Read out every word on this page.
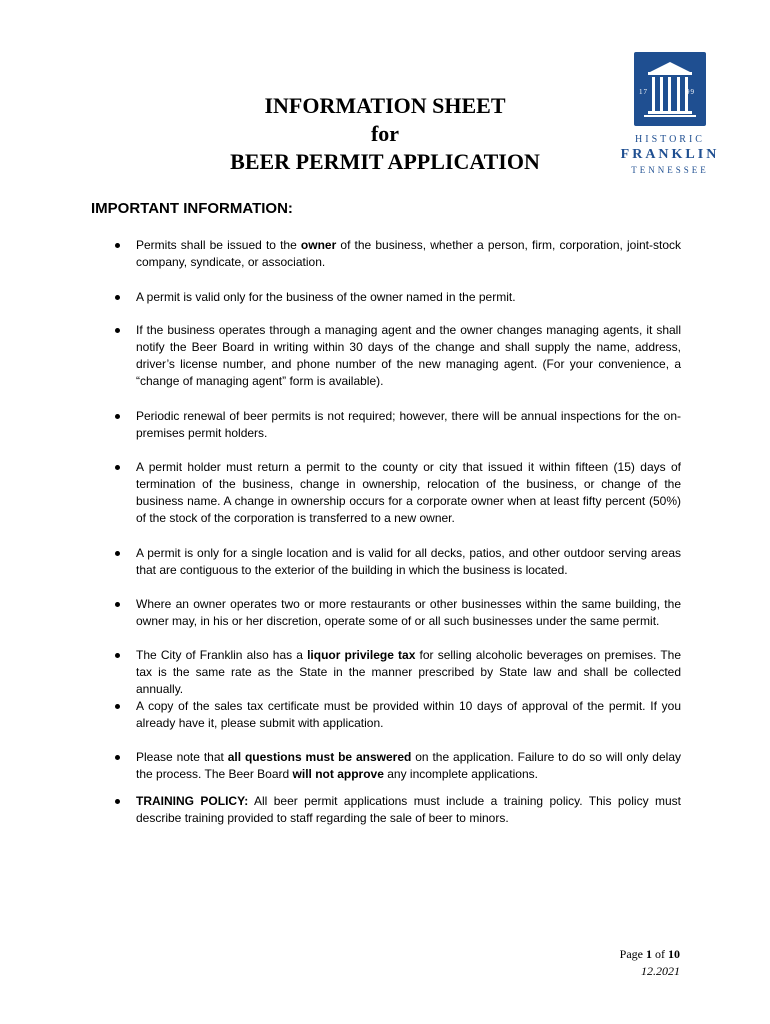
INFORMATION SHEET
for
BEER PERMIT APPLICATION
17	99
HISTORIC
FRANKLIN
TENNESSEE
IMPORTANT INFORMATION:
Permits shall be issued to the owner of the business, whether a person, firm, corporation, joint-stock company, syndicate, or association.
A permit is valid only for the business of the owner named in the permit.
If the business operates through a managing agent and the owner changes managing agents, it shall notify the Beer Board in writing within 30 days of the change and shall supply the name, address, driver’s license number, and phone number of the new managing agent. (For your convenience, a “change of managing agent” form is available).
Periodic renewal of beer permits is not required; however, there will be annual inspections for the on-premises permit holders.
A permit holder must return a permit to the county or city that issued it within fifteen (15) days of termination of the business, change in ownership, relocation of the business, or change of the business name. A change in ownership occurs for a corporate owner when at least fifty percent (50%) of the stock of the corporation is transferred to a new owner.
A permit is only for a single location and is valid for all decks, patios, and other outdoor serving areas that are contiguous to the exterior of the building in which the business is located.
Where an owner operates two or more restaurants or other businesses within the same building, the owner may, in his or her discretion, operate some of or all such businesses under the same permit.
The City of Franklin also has a liquor privilege tax for selling alcoholic beverages on premises. The tax is the same rate as the State in the manner prescribed by State law and shall be collected annually.
A copy of the sales tax certificate must be provided within 10 days of approval of the permit. If you already have it, please submit with application.
Please note that all questions must be answered on the application. Failure to do so will only delay the process. The Beer Board will not approve any incomplete applications.
TRAINING POLICY: All beer permit applications must include a training policy. This policy must describe training provided to staff regarding the sale of beer to minors.
Page 1 of 10
12.2021
